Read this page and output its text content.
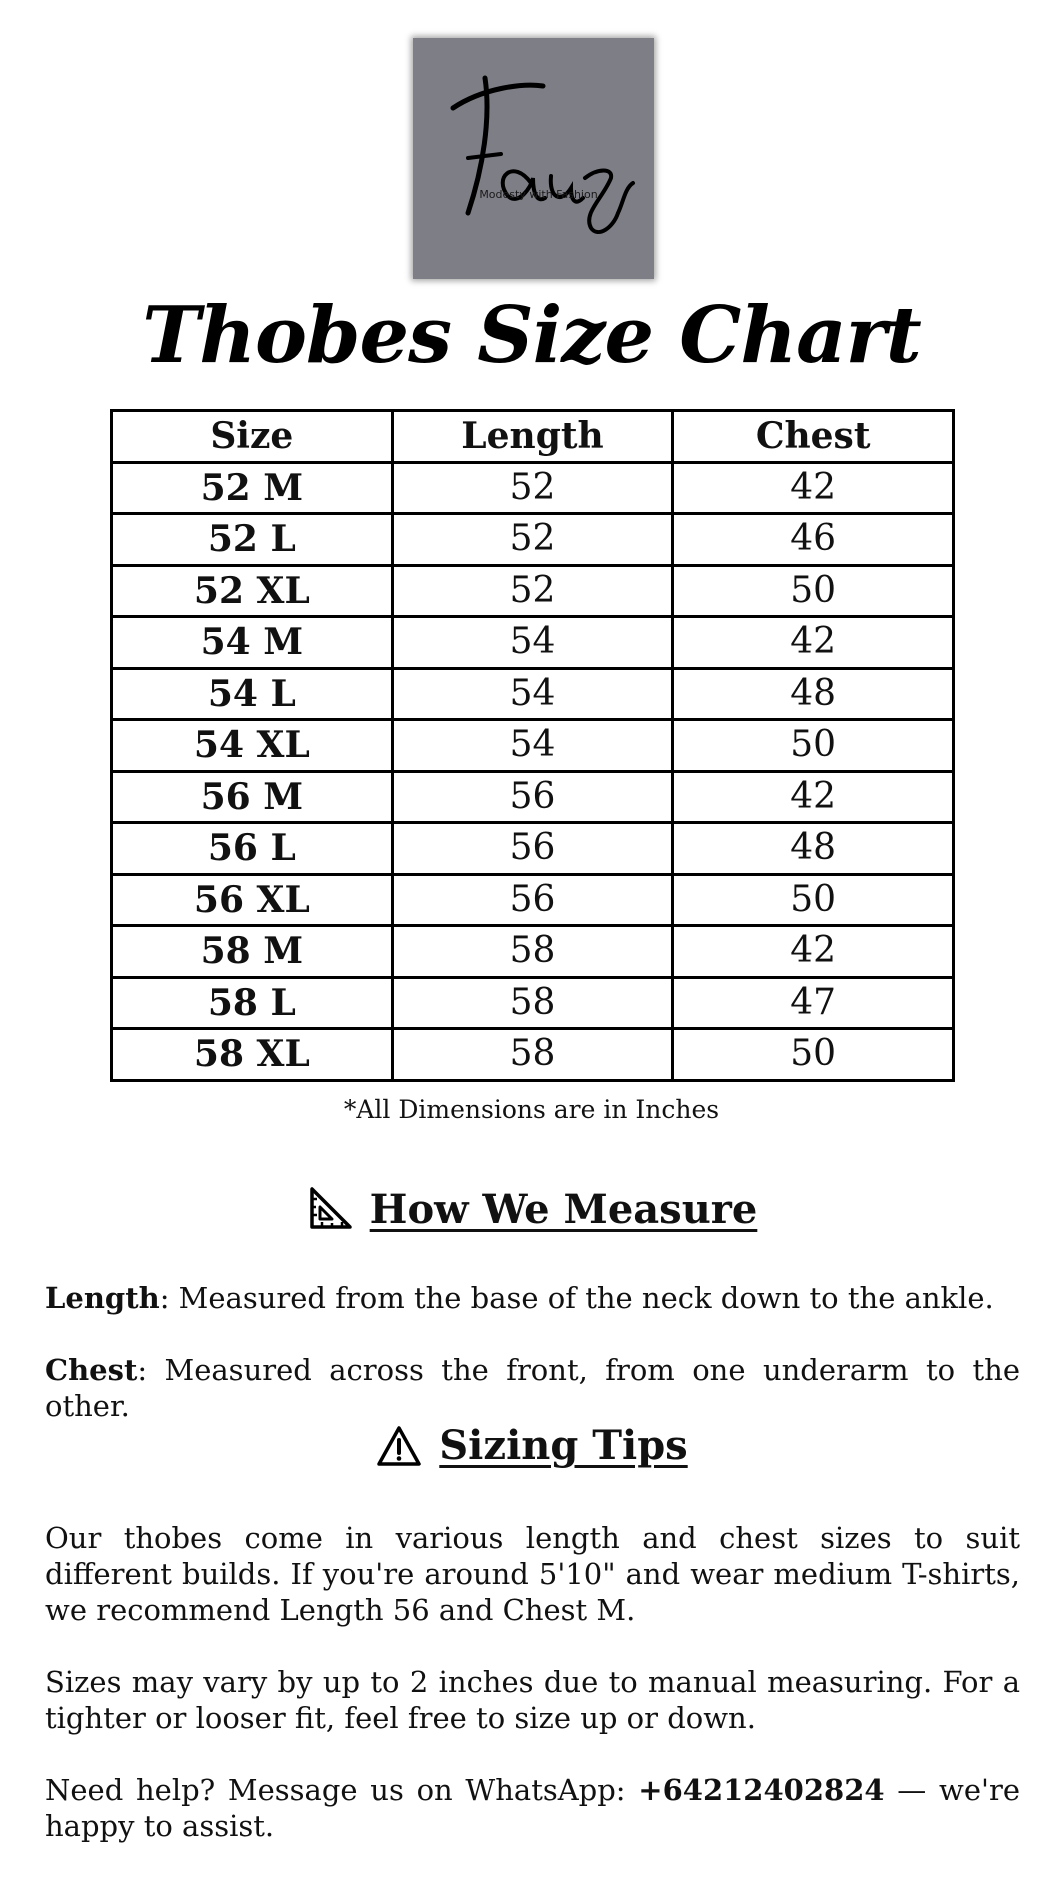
Modesty with Fashion
Thobes Size Chart
Size	Length	Chest
52 M	52	42
52 L	52	46
52 XL	52	50
54 M	54	42
54 L	54	48
54 XL	54	50
56 M	56	42
56 L	56	48
56 XL	56	50
58 M	58	42
58 L	58	47
58 XL	58	50
*All Dimensions are in Inches
How We Measure
Length: Measured from the base of the neck down to the ankle.
Chest: Measured across the front, from one underarm to the other.
Sizing Tips
Our thobes come in various length and chest sizes to suit different builds. If you're around 5'10" and wear medium T-shirts, we recommend Length 56 and Chest M.
Sizes may vary by up to 2 inches due to manual measuring. For a tighter or looser fit, feel free to size up or down.
Need help? Message us on WhatsApp: +64212402824 — we're happy to assist.
